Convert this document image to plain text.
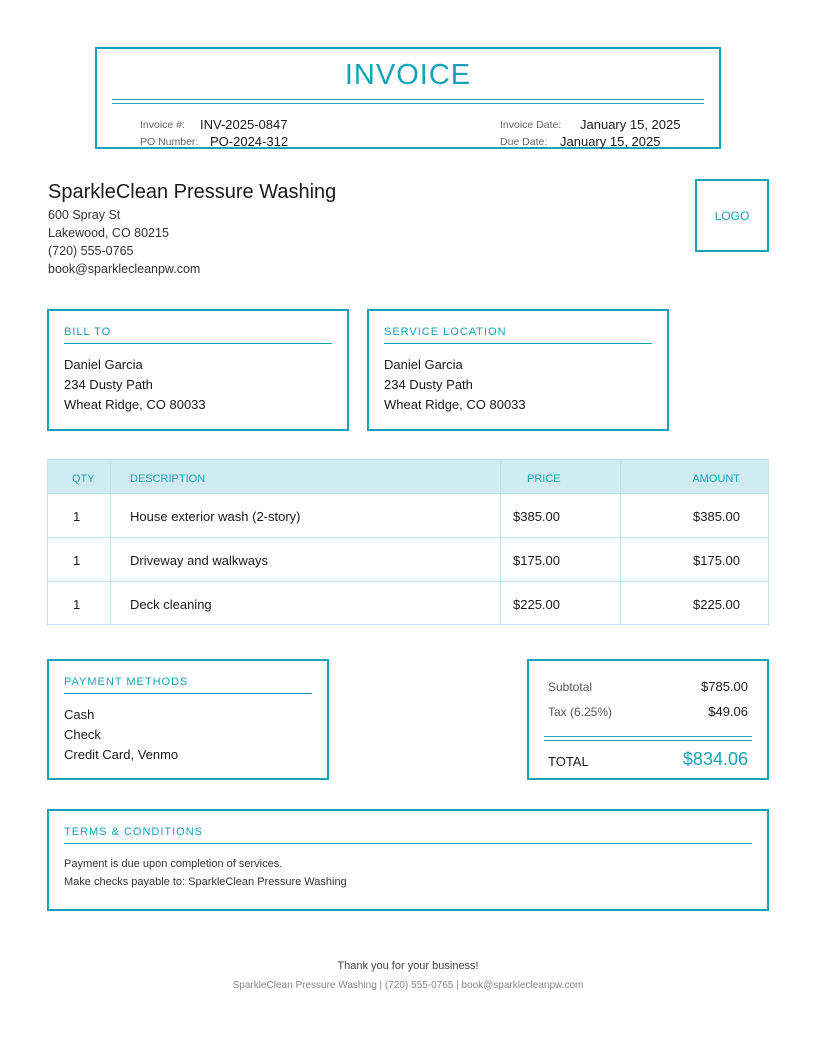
INVOICE
Invoice #: INV-2025-0847
PO Number: PO-2024-312
Invoice Date: January 15, 2025
Due Date: January 15, 2025
SparkleClean Pressure Washing
600 Spray St
Lakewood, CO 80215
(720) 555-0765
book@sparklecleanpw.com
LOGO
BILL TO
Daniel Garcia
234 Dusty Path
Wheat Ridge, CO 80033
SERVICE LOCATION
Daniel Garcia
234 Dusty Path
Wheat Ridge, CO 80033
QTY	DESCRIPTION	PRICE	AMOUNT
1	House exterior wash (2-story)	$385.00	$385.00
1	Driveway and walkways	$175.00	$175.00
1	Deck cleaning	$225.00	$225.00
PAYMENT METHODS
Cash
Check
Credit Card, Venmo
Subtotal	$785.00
Tax (6.25%)	$49.06
TOTAL	$834.06
TERMS & CONDITIONS
Payment is due upon completion of services.
Make checks payable to: SparkleClean Pressure Washing
Thank you for your business!
SparkleClean Pressure Washing | (720) 555-0765 | book@sparklecleanpw.com
